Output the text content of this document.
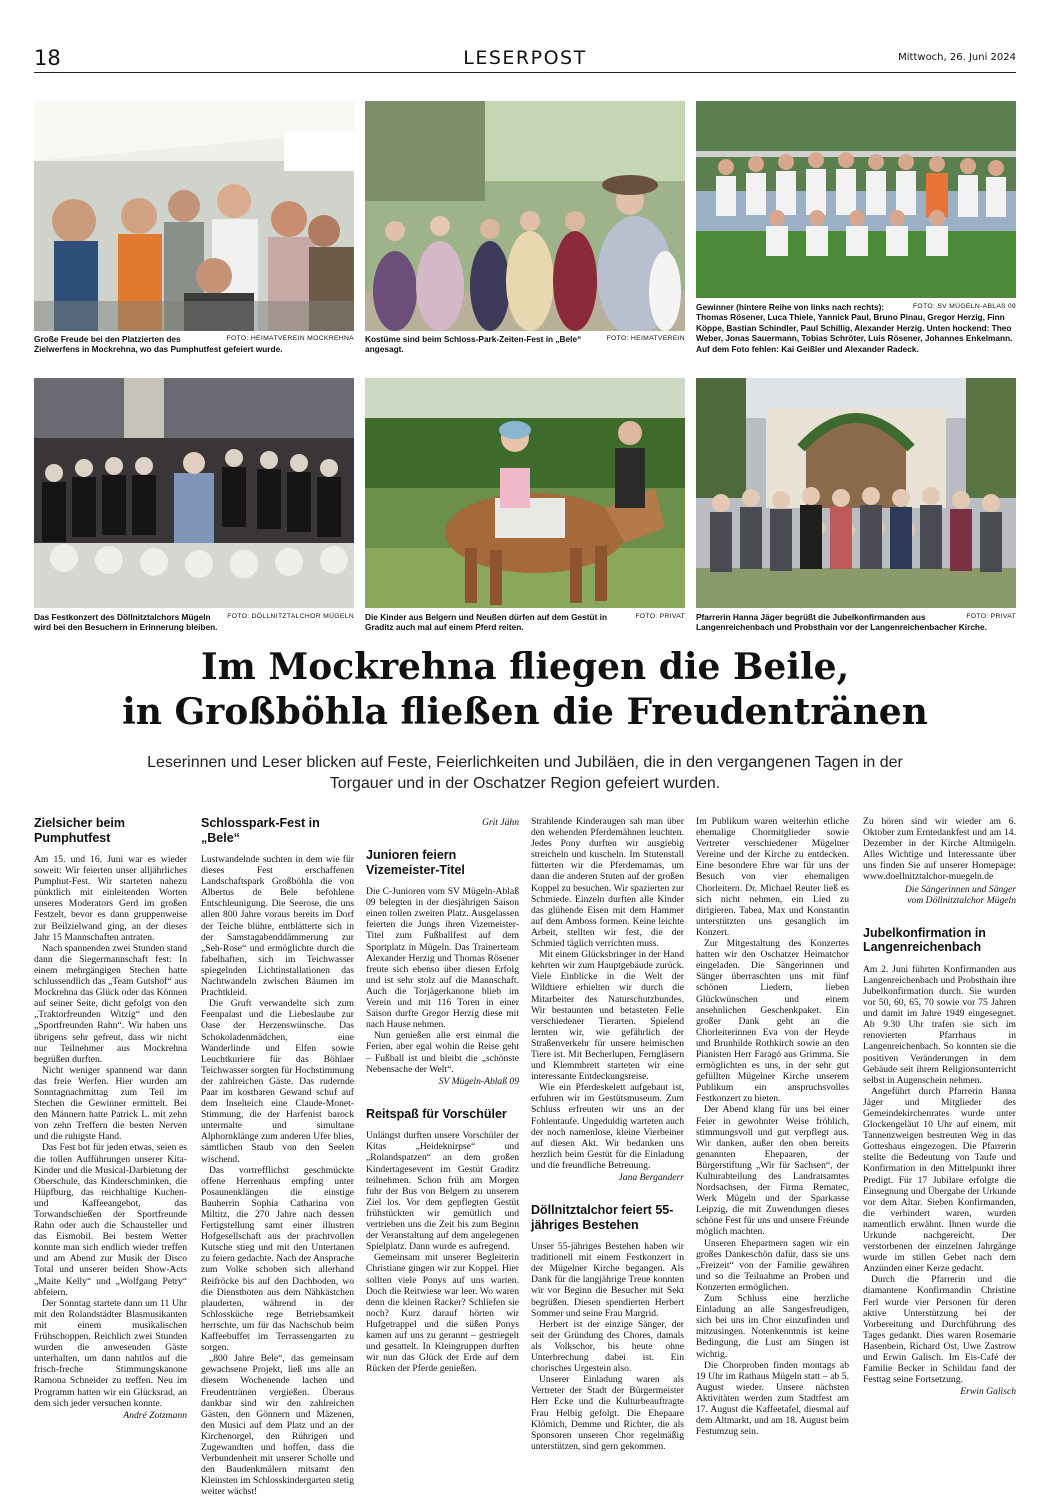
18	LESERPOST	Mittwoch, 26. Juni 2024
FOTO: HEIMATVEREIN MOCKREHNA
Große Freude bei den Platzierten des Zielwerfens in Mockrehna, wo das Pumphutfest gefeiert wurde.
FOTO: HEIMATVEREIN
Kostüme sind beim Schloss-Park-Zeiten-Fest in „Bele“ angesagt.
FOTO: SV MÜGELN-ABLAß 09
Gewinner (hintere Reihe von links nach rechts): Thomas Rösener, Luca Thiele, Yannick Paul, Bruno Pinau, Gregor Herzig, Finn Köppe, Bastian Schindler, Paul Schillig, Alexander Herzig. Unten hockend: Theo Weber, Jonas Sauermann, Tobias Schröter, Luis Rösener, Johannes Enkelmann. Auf dem Foto fehlen: Kai Geißler und Alexander Radeck.
FOTO: DÖLLNITZTALCHOR MÜGELN
Das Festkonzert des Döllnitztalchors Mügeln wird bei den Besuchern in Erinnerung bleiben.
FOTO: PRIVAT
Die Kinder aus Belgern und Neußen dürfen auf dem Gestüt in Graditz auch mal auf einem Pferd reiten.
FOTO: PRIVAT
Pfarrerin Hanna Jäger begrüßt die Jubelkonfirmanden aus Langenreichenbach und Probsthain vor der Langenreichenbacher Kirche.
Im Mockrehna fliegen die Beile,
in Großböhla fließen die Freudentränen
Leserinnen und Leser blicken auf Feste, Feierlichkeiten und Jubiläen, die in den vergangenen Tagen in der Torgauer und in der Oschatzer Region gefeiert wurden.
Zielsicher beim Pumphutfest

Am 15. und 16. Juni war es wieder soweit: Wir feierten unser alljährliches Pumphut-Fest. Wir starteten nahezu pünktlich mit einleitenden Worten unseres Moderators Gerd im großen Festzelt, bevor es dann gruppenweise zur Beilzielwand ging, an der dieses Jahr 15 Mannschaften antraten.

Nach spannenden zwei Stunden stand dann die Siegermannschaft fest: In einem mehrgängigen Stechen hatte schlussendlich das „Team Gutshof“ aus Mockrehna das Glück oder das Können auf seiner Seite, dicht gefolgt von den „Traktorfreunden Witzig“ und den „Sportfreunden Rahn“. Wir haben uns übrigens sehr gefreut, dass wir nicht nur Teilnehmer aus Mockrehna begrüßen durften.

Nicht weniger spannend war dann das freie Werfen. Hier wurden am Sonntagnachmittag zum Teil im Stechen die Gewinner ermittelt. Bei den Männern hatte Patrick L. mit zehn von zehn Treffern die besten Nerven und die ruhigste Hand.

Das Fest bot für jeden etwas, seien es die tollen Aufführungen unserer Kita-Kinder und die Musical-Darbietung der Oberschule, das Kinderschminken, die Hüpfburg, das reichhaltige Kuchen- und Kaffeeangebot, das Torwandschießen der Sportfreunde Rahn oder auch die Schausteller und das Eismobil. Bei bestem Wetter konnte man sich endlich wieder treffen und am Abend zur Musik der Disco Total und unserer beiden Show-Acts „Maite Kelly“ und „Wolfgang Petry“ abfeiern.

Der Sonntag startete dann um 11 Uhr mit den Rolandstädter Blasmusikanten mit einem musikalischen Frühschoppen. Reichlich zwei Stunden wurden die anwesenden Gäste unterhalten, um dann nahtlos auf die frisch-freche Stimmungskanone Ramona Schneider zu treffen. Neu im Programm hatten wir ein Glücksrad, an dem sich jeder versuchen konnte.

André Zotzmann
Schlosspark-Fest in „Bele“

Lustwandelnde suchten in dem wie für dieses Fest erschaffenen Landschaftspark Großböhla die von Albertus de Bele befohlene Entschleunigung. Die Seerose, die uns allen 800 Jahre voraus bereits im Dorf der Teiche blühte, entblätterte sich in der Samstagabenddämmerung zur „Seh-Rose“ und ermöglichte durch die fabelhaften, sich im Teichwasser spiegelnden Lichtinstallationen das Nachtwandeln zwischen Bäumen im Prachtkleid.

Die Gruft verwandelte sich zum Feenpalast und die Liebeslaube zur Oase der Herzenswünsche. Das Schokoladenmädchen, eine Wanderlinde und Elfen sowie Leuchtkuriere für das Böhlaer Teichwasser sorgten für Hochstimmung der zahlreichen Gäste. Das rudernde Paar im kostbaren Gewand schuf auf dem Inselteich eine Claude-Monet-Stimmung, die der Harfenist barock untermalte und simultane Alphornklänge zum anderen Ufer blies, sämtlichen Staub von den Seelen wischend.

Das vortrefflichst geschmückte offene Herrenhaus empfing unter Posaunenklängen die einstige Bauherrin Sophia Catharina von Miltitz, die 270 Jahre nach dessen Fertigstellung samt einer illustren Hofgesellschaft aus der prachtvollen Kutsche stieg und mit den Untertanen zu feiern gedachte. Nach der Ansprache zum Volke schoben sich allerhand Reifröcke bis auf den Dachboden, wo die Dienstboten aus dem Nähkästchen plauderten, während in der Schlossküche rege Betriebsamkeit herrschte, um für das Nachschub beim Kaffeebuffet im Terrassengarten zu sorgen.

„800 Jahre Bele“, das gemeinsam gewachsene Projekt, ließ uns alle an diesem Wochenende lachen und Freudentränen vergießen. Überaus dankbar sind wir den zahlreichen Gästen, den Gönnern und Mäzenen, den Musici auf dem Platz und an der Kirchenorgel, den Rührigen und Zugewandten und hoffen, dass die Verbundenheit mit unserer Scholle und den Baudenkmälern mitsamt den Kleinsten im Schlosskindergarten stetig weiter wächst!

Grit Jähn
Junioren feiern Vizemeister-Titel

Die C-Junioren vom SV Mügeln-Ablaß 09 belegten in der diesjährigen Saison einen tollen zweiten Platz. Ausgelassen feierten die Jungs ihren Vizemeister-Titel zum Fußballfest auf dem Sportplatz in Mügeln. Das Trainerteam Alexander Herzig und Thomas Rösener freute sich ebenso über diesen Erfolg und ist sehr stolz auf die Mannschaft. Auch die Torjägerkanone blieb im Verein und mit 116 Toren in einer Saison durfte Gregor Herzig diese mit nach Hause nehmen.

Nun genießen alle erst einmal die Ferien, aber egal wohin die Reise geht – Fußball ist und bleibt die „schönste Nebensache der Welt“.

SV Mügeln-Ablaß 09
Reitspaß für Vorschüler

Unlängst durften unsere Vorschüler der Kitas „Heideknirpse“ und „Rolandspatzen“ an dem großen Kindertagesevent im Gestüt Graditz teilnehmen. Schon früh am Morgen fuhr der Bus von Belgern zu unserem Ziel los. Vor dem gepflegten Gestüt frühstückten wir gemütlich und vertrieben uns die Zeit bis zum Beginn der Veranstaltung auf dem angelegenen Spielplatz. Dann wurde es aufregend.

Gemeinsam mit unserer Begleiterin Christiane gingen wir zur Koppel. Hier sollten viele Ponys auf uns warten. Doch die Reitwiese war leer. Wo waren denn die kleinen Racker? Schliefen sie noch? Kurz darauf hörten wir Hufgetrappel und die süßen Ponys kamen auf uns zu gerannt – gestriegelt und gesattelt. In Kleingruppen durften wir nun das Glück der Erde auf dem Rücken der Pferde genießen.

Strahlende Kinderaugen sah man über den wehenden Pferdemähnen leuchten. Jedes Pony durften wir ausgiebig streicheln und kuscheln. Im Stutenstall fütterten wir die Pferdemamas, um dann die anderen Stuten auf der großen Koppel zu besuchen. Wir spazierten zur Schmiede. Einzeln durften alle Kinder das glühende Eisen mit dem Hammer auf dem Amboss formen. Keine leichte Arbeit, stellten wir fest, die der Schmied täglich verrichten muss.

Mit einem Glücksbringer in der Hand kehrten wir zum Hauptgebäude zurück. Viele Einblicke in die Welt der Wildtiere erhielten wir durch die Mitarbeiter des Naturschutzbundes. Wir bestaunten und betasteten Felle verschiedener Tierarten. Spielend lernten wir, wie gefährlich der Straßenverkehr für unsere heimischen Tiere ist. Mit Becherlupen, Ferngläsern und Klemmbrett starteten wir eine interessante Entdeckungsreise.

Wie ein Pferdeskelett aufgebaut ist, erfuhren wir im Gestütsmuseum. Zum Schluss erfreuten wir uns an der Fohlentaufe. Ungeduldig warteten auch der noch namenlose, kleine Vierbeiner auf diesen Akt. Wir bedanken uns herzlich beim Gestüt für die Einladung und die freundliche Betreuung.

Jana Berganderr
Döllnitztalchor feiert 55-jähriges Bestehen

Unser 55-jähriges Bestehen haben wir traditionell mit einem Festkonzert in der Mügelner Kirche begangen. Als Dank für die langjährige Treue konnten wir vor Beginn die Besucher mit Sekt begrüßen. Diesen spendierten Herbert Sommer und seine Frau Margrid.

Herbert ist der einzige Sänger, der seit der Gründung des Chores, damals als Volkschor, bis heute ohne Unterbrechung dabei ist. Ein chorisches Urgestein also.

Unserer Einladung waren als Vertreter der Stadt der Bürgermeister Herr Ecke und die Kulturbeauftragte Frau Helbig gefolgt. Die Ehepaare Klömich, Demme und Richter, die als Sponsoren unseren Chor regelmäßig unterstützen, sind gern gekommen.

Im Publikum waren weiterhin etliche ehemalige Chormitglieder sowie Vertreter verschiedener Mügelner Vereine und der Kirche zu entdecken. Eine besondere Ehre war für uns der Besuch von vier ehemaligen Chorleitern. Dr. Michael Reuter ließ es sich nicht nehmen, ein Lied zu dirigieren. Tabea, Max und Konstantin unterstützten uns gesanglich im Konzert.

Zur Mitgestaltung des Konzertes hatten wir den Oschatzer Heimatchor eingeladen. Die Sängerinnen und Sänger überraschten uns mit fünf schönen Liedern, lieben Glückwünschen und einem ansehnlichen Geschenkpaket. Ein großer Dank geht an die Chorleiterinnen Eva von der Heyde und Brunhilde Rothkirch sowie an den Pianisten Herr Faragó aus Grimma. Sie ermöglichten es uns, in der sehr gut gefüllten Mügelner Kirche unserem Publikum ein anspruchsvolles Festkonzert zu bieten.

Der Abend klang für uns bei einer Feier in gewohnter Weise fröhlich, stimmungsvoll und gut verpflegt aus. Wir danken, außer den oben bereits genannten Ehepaaren, der Bürgerstiftung „Wir für Sachsen“, der Kulturabteilung des Landratsamtes Nordsachsen, der Firma Rematec, Werk Mügeln und der Sparkasse Leipzig, die mit Zuwendungen dieses schöne Fest für uns und unsere Freunde möglich machten.

Unseren Ehepartnern sagen wir ein großes Dankeschön dafür, dass sie uns „Freizeit“ von der Familie gewähren und so die Teilnahme an Proben und Konzerten ermöglichen.

Zum Schluss eine herzliche Einladung an alle Sangesfreudigen, sich bei uns im Chor einzufinden und mitzusingen. Notenkenntnis ist keine Bedingung, die Lust am Singen ist wichtig.

Die Chorproben finden montags ab 19 Uhr im Rathaus Mügeln statt – ab 5. August wieder. Unsere nächsten Aktivitäten werden zum Stadtfest am 17. August die Kaffeetafel, diesmal auf dem Altmarkt, und am 18. August beim Festumzug sein.

Zu hören sind wir wieder am 6. Oktober zum Erntedankfest und am 14. Dezember in der Kirche Altmügeln. Alles Wichtige und Interessante über uns finden Sie auf unserer Homepage: www.doellnitztalchor-muegeln.de

Die Sängerinnen und Sänger
vom Döllnitztalchor Mügeln
Jubelkonfirmation in Langenreichenbach

Am 2. Juni führten Konfirmanden aus Langenreichenbach und Probsthain ihre Jubelkonfirmation durch. Sie wurden vor 50, 60, 65, 70 sowie vor 75 Jahren und damit im Jahre 1949 eingesegnet. Ab 9.30 Uhr trafen sie sich im renovierten Pfarrhaus in Langenreichenbach. So konnten sie die positiven Veränderungen in dem Gebäude seit ihrem Religionsunterricht selbst in Augenschein nehmen.

Angeführt durch Pfarrerin Hanna Jäger und Mitglieder des Gemeindekirchenrates wurde unter Glockengeläut 10 Uhr auf einem, mit Tannenzweigen bestreuten Weg in das Gotteshaus eingezogen. Die Pfarrerin stellte die Bedeutung von Taufe und Konfirmation in den Mittelpunkt ihrer Predigt. Für 17 Jubilare erfolgte die Einsegnung und Übergabe der Urkunde vor dem Altar. Sieben Konfirmanden, die verhindert waren, wurden namentlich erwähnt. Ihnen wurde die Urkunde nachgereicht. Der verstorbenen der einzelnen Jahrgänge wurde im stillen Gebet nach dem Anzünden einer Kerze gedacht.

Durch die Pfarrerin und die diamantene Konfirmandin Christine Ferl wurde vier Personen für deren aktive Unterstützung bei der Vorbereitung und Durchführung des Tages gedankt. Dies waren Rosemarie Hasenbein, Richard Ost, Uwe Zastrow und Erwin Galisch. Im Eis-Café der Familie Becker in Schildau fand der Festtag seine Fortsetzung.

Erwin Galisch
